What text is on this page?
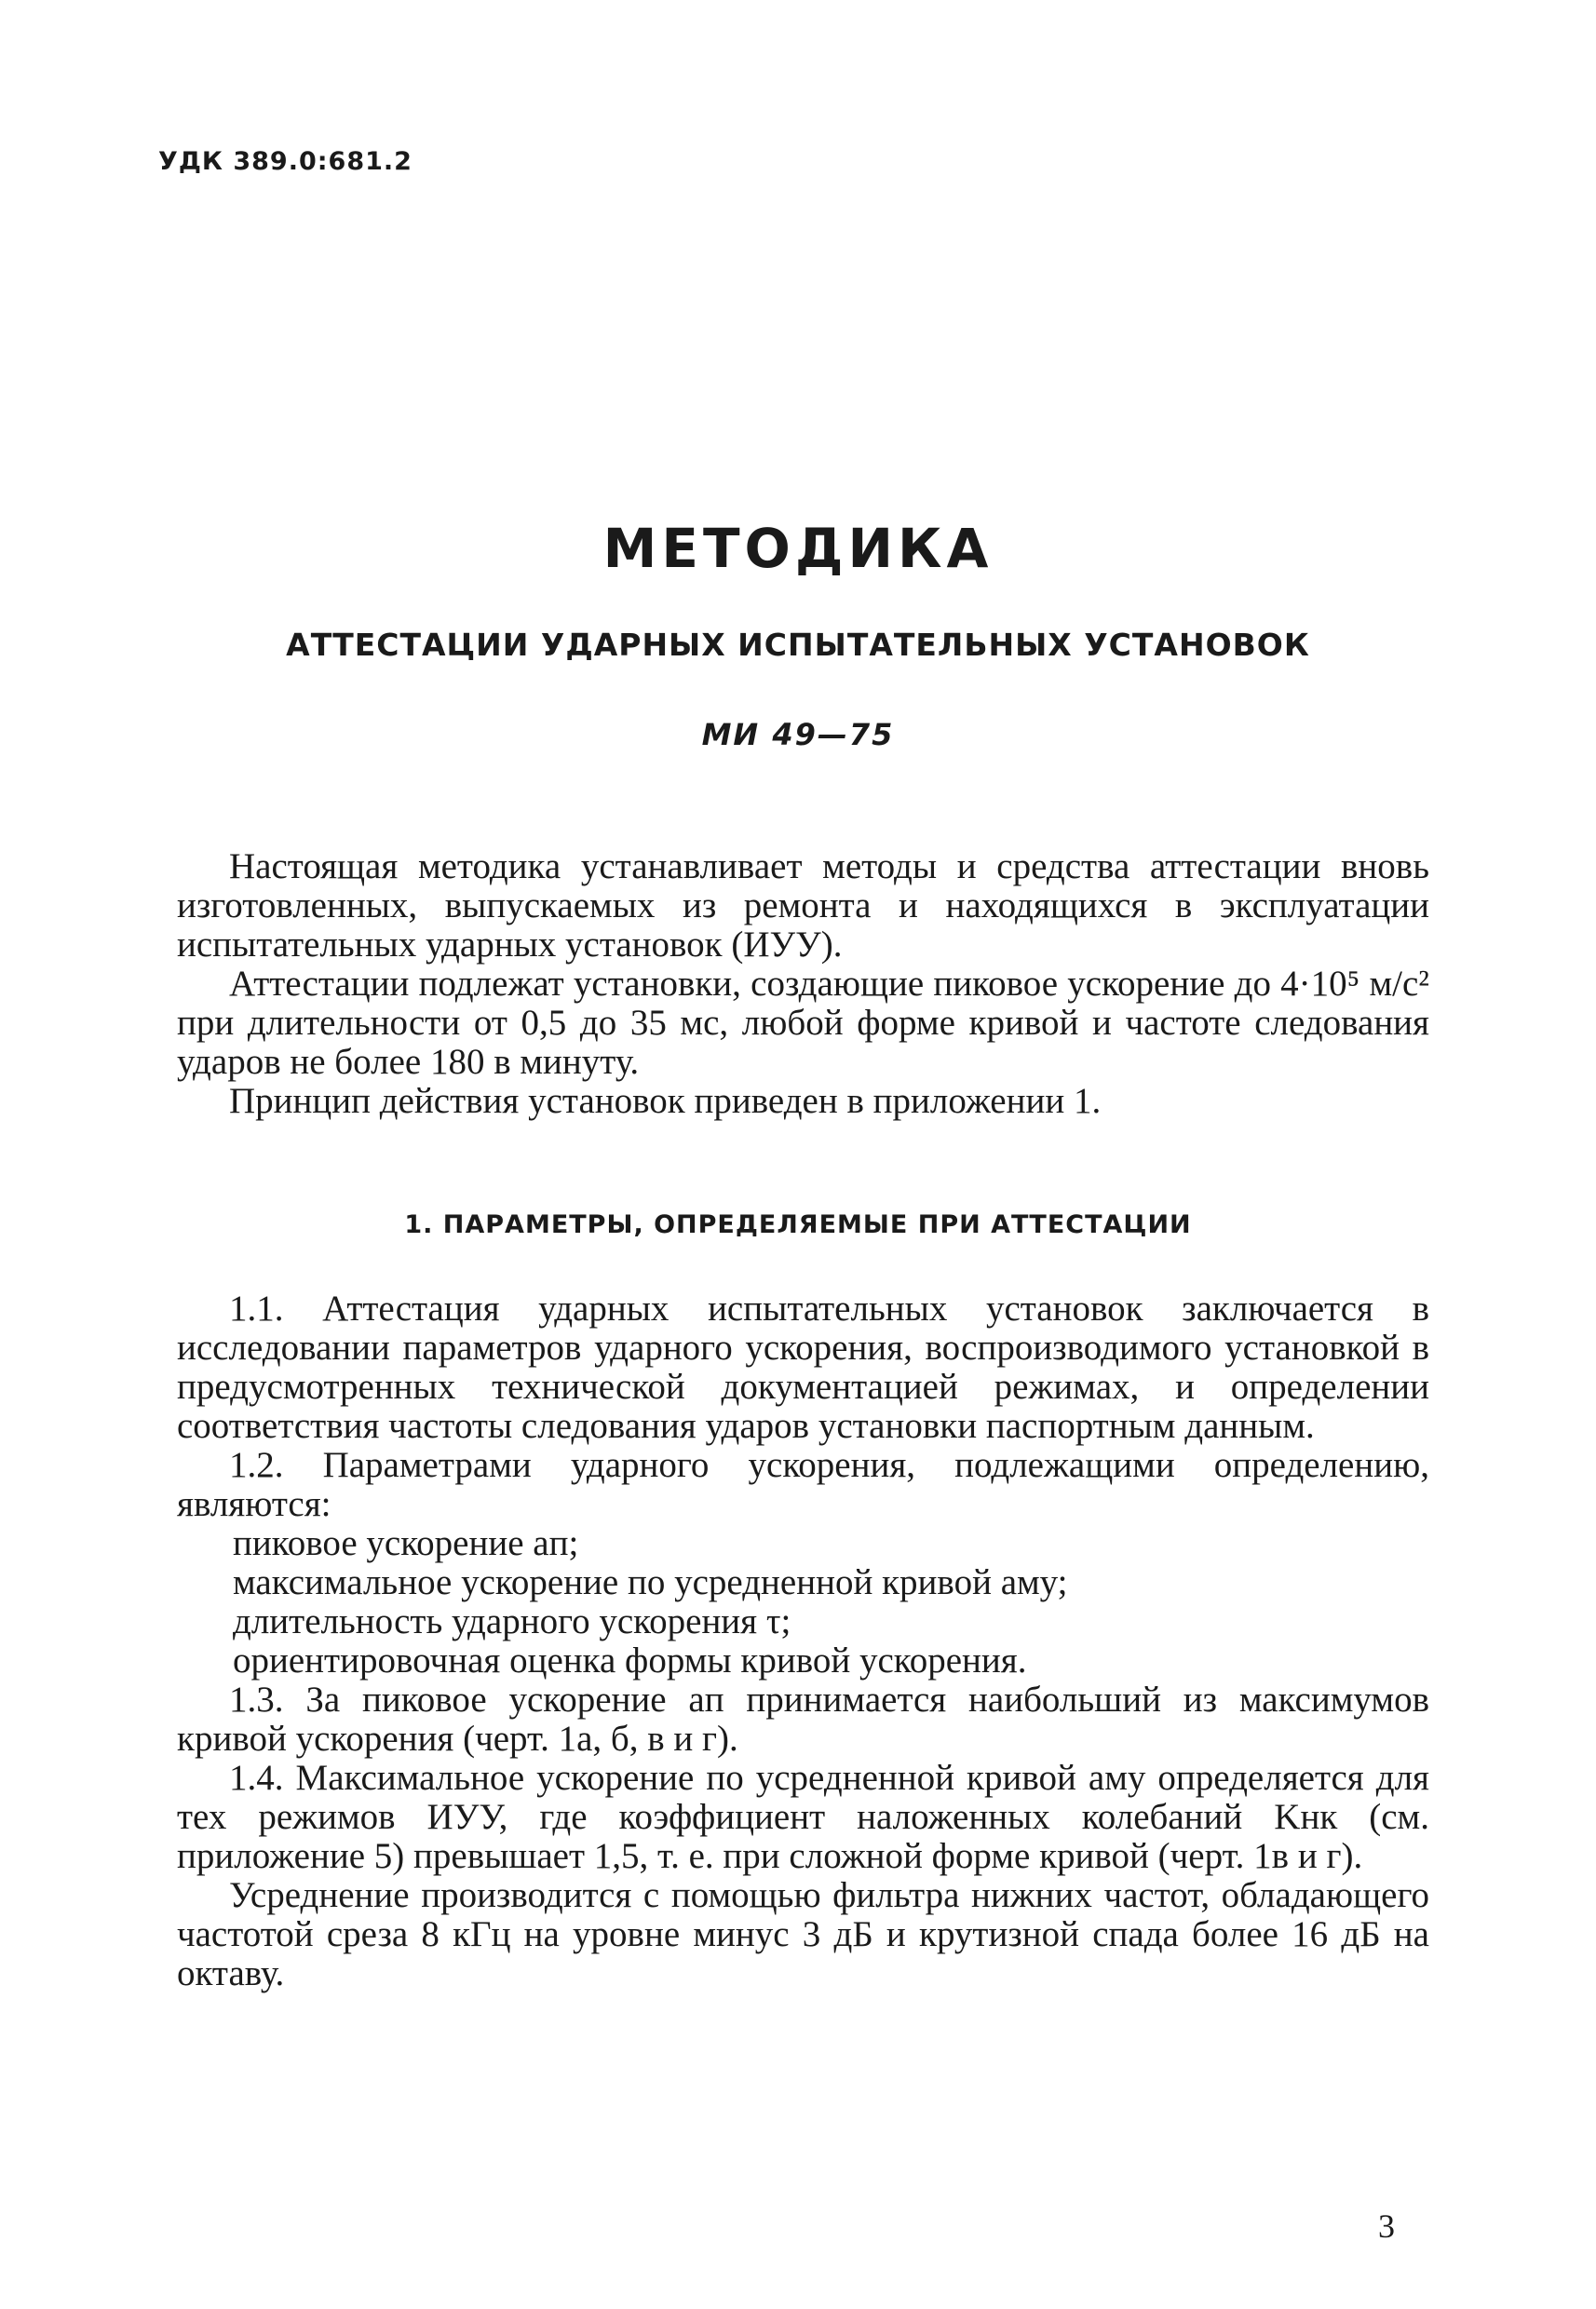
УДК 389.0:681.2
МЕТОДИКА
АТТЕСТАЦИИ УДАРНЫХ ИСПЫТАТЕЛЬНЫХ УСТАНОВОК
МИ 49—75

Настоящая методика устанавливает методы и средства аттестации вновь изготовленных, выпускаемых из ремонта и находящихся в эксплуатации испытательных ударных установок (ИУУ).

Аттестации подлежат установки, создающие пиковое ускорение до 4·10⁵ м/с² при длительности от 0,5 до 35 мс, любой форме кривой и частоте следования ударов не более 180 в минуту.

Принцип действия установок приведен в приложении 1.

1. ПАРАМЕТРЫ, ОПРЕДЕЛЯЕМЫЕ ПРИ АТТЕСТАЦИИ

1.1. Аттестация ударных испытательных установок заключается в исследовании параметров ударного ускорения, воспроизводимого установкой в предусмотренных технической документацией режимах, и определении соответствия частоты следования ударов установки паспортным данным.

1.2. Параметрами ударного ускорения, подлежащими определению, являются:

пиковое ускорение aп;

максимальное ускорение по усредненной кривой aму;

длительность ударного ускорения τ;

ориентировочная оценка формы кривой ускорения.

1.3. За пиковое ускорение aп принимается наибольший из максимумов кривой ускорения (черт. 1а, б, в и г).

1.4. Максимальное ускорение по усредненной кривой aму определяется для тех режимов ИУУ, где коэффициент наложенных колебаний Kнк (см. приложение 5) превышает 1,5, т. е. при сложной форме кривой (черт. 1в и г).

Усреднение производится с помощью фильтра нижних частот, обладающего частотой среза 8 кГц на уровне минус 3 дБ и крутизной спада более 16 дБ на октаву.

3
